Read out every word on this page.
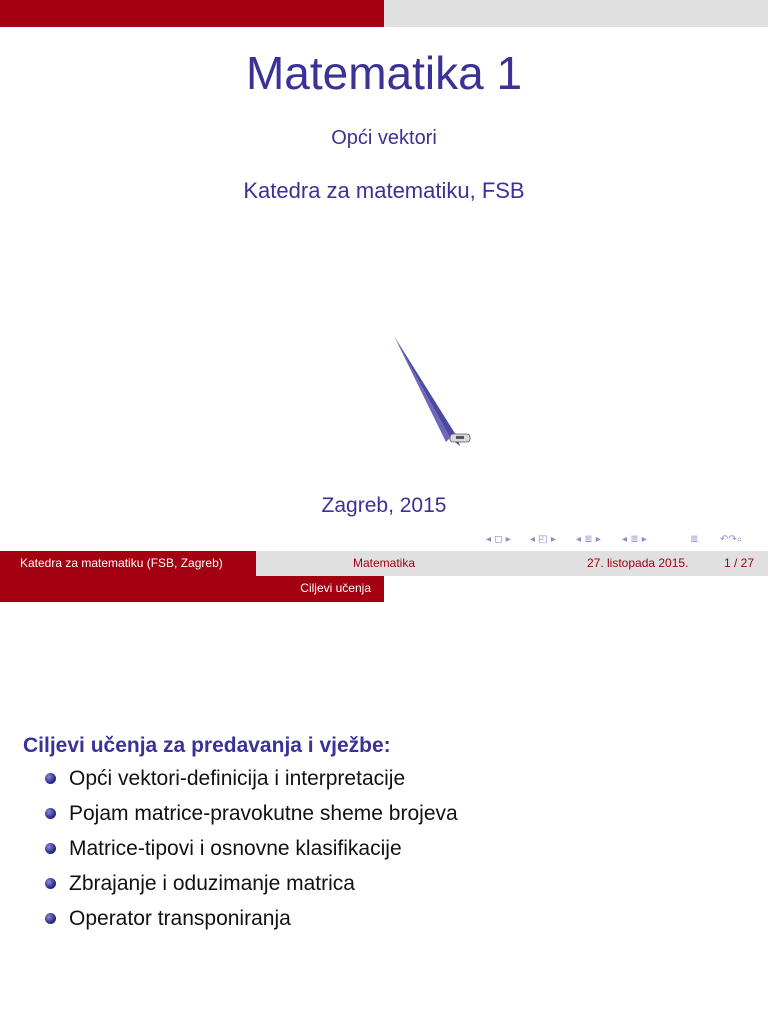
Matematika 1
Opći vektori
Katedra za matematiku, FSB
Zagreb, 2015
◂ ◻ ▸ ◂ ◰ ▸ ◂ ≣ ▸ ◂ ≣ ▸	≣ ↶↷⌕
Katedra za matematiku (FSB, Zagreb)	Matematika	27. listopada 2015.	1 / 27
Ciljevi učenja
Ciljevi učenja za predavanja i vježbe:
Opći vektori-definicija i interpretacije
Pojam matrice-pravokutne sheme brojeva
Matrice-tipovi i osnovne klasifikacije
Zbrajanje i oduzimanje matrica
Operator transponiranja
